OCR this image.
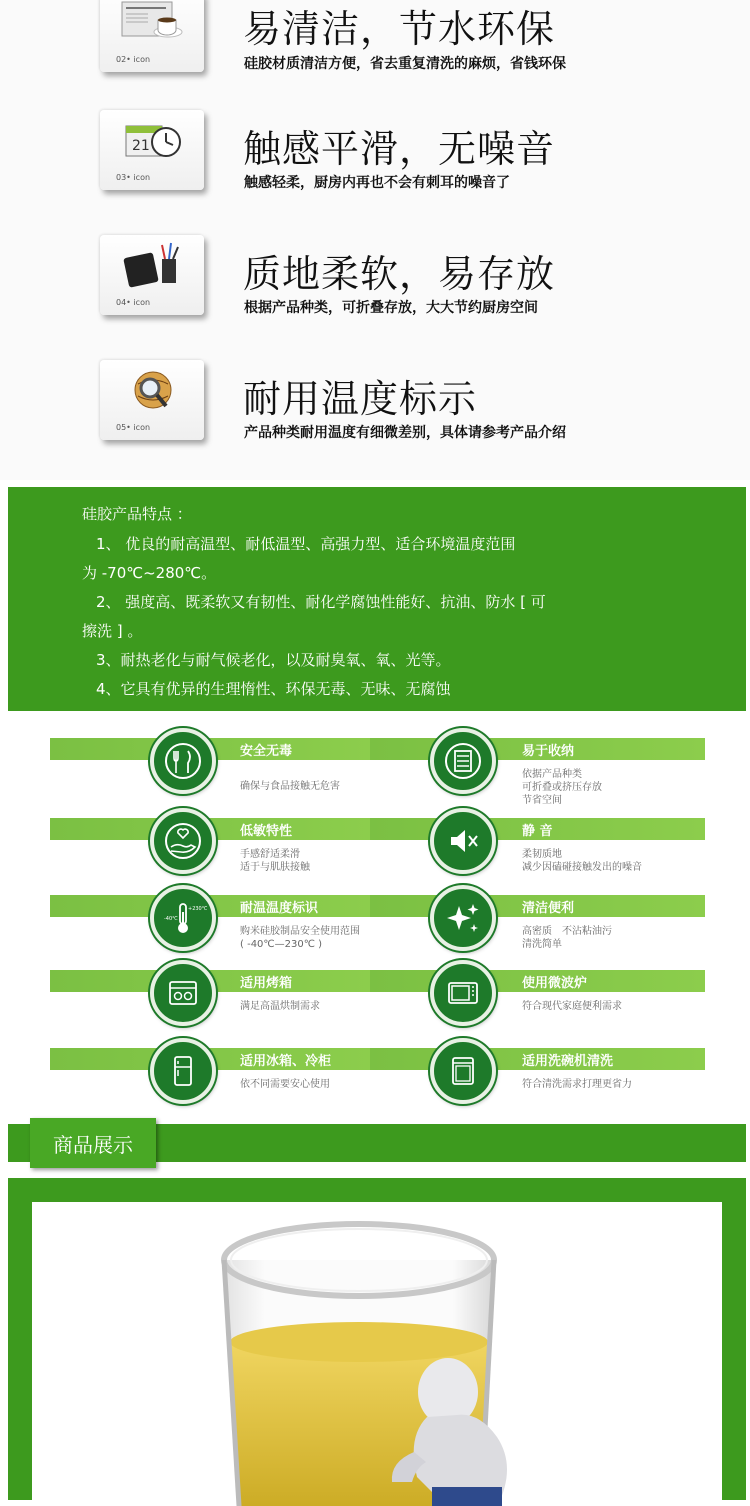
02• icon
易清洁，节水环保
硅胶材质清洁方便，省去重复清洗的麻烦，省钱环保
21
03• icon
触感平滑，无噪音
触感轻柔，厨房内再也不会有刺耳的噪音了
04• icon
质地柔软，易存放
根据产品种类，可折叠存放，大大节约厨房空间
05• icon
耐用温度标示
产品种类耐用温度有细微差别，具体请参考产品介绍
硅胶产品特点 ：
1、 优良的耐高温型、耐低温型、高强力型、适合环境温度范围
为 -70℃~280℃。
2、 强度高、既柔软又有韧性、耐化学腐蚀性能好、抗油、防水 [ 可
擦洗 ] 。
3、耐热老化与耐气候老化，以及耐臭氧、氧、光等。
4、它具有优异的生理惰性、环保无毒、无味、无腐蚀
安全无毒
确保与食品接触无危害
易于收纳
依据产品种类
可折叠或挤压存放
节省空间
低敏特性
手感舒适柔滑
适于与肌肤接触
静 音
柔韧质地
减少因磕碰接触发出的噪音
-40℃
+230℃	耐温温度标识
购米硅胶制品安全使用范围
( -40℃—230℃ )
清洁便利
高密质　不沾粘油污
清洗简单
适用烤箱
满足高温烘制需求
使用微波炉
符合现代家庭便利需求
适用冰箱、冷柜
依不同需要安心使用
适用洗碗机清洗
符合清洗需求打理更省力
商品展示
